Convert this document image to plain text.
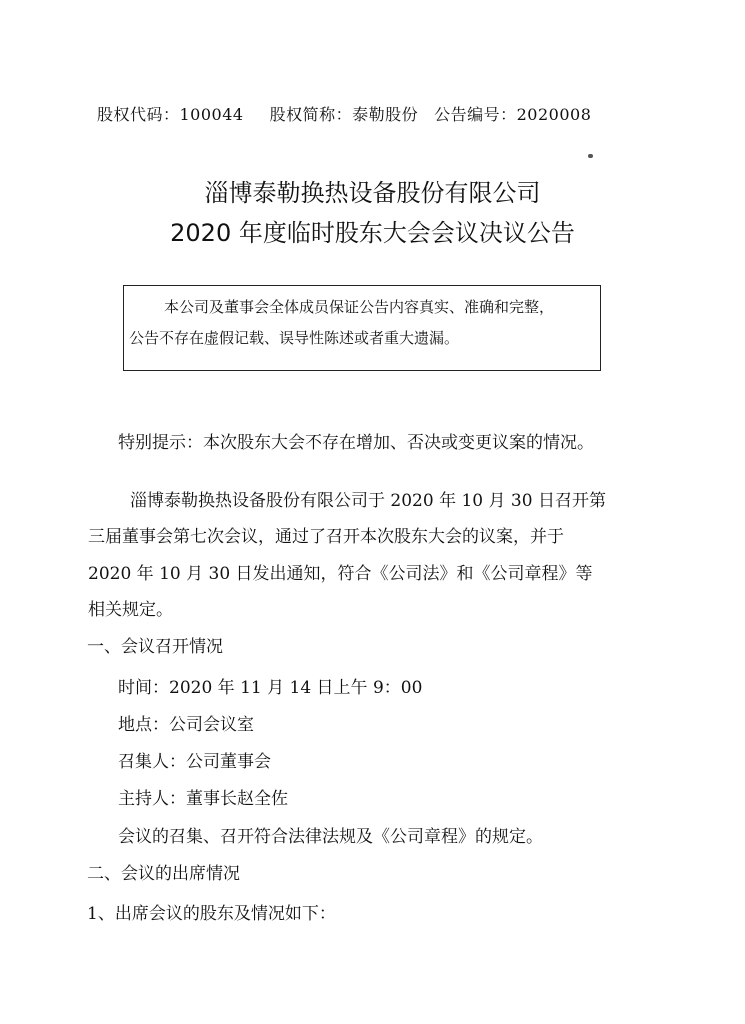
股权代码：100044 股权简称：泰勒股份 公告编号：2020008
淄博泰勒换热设备股份有限公司
2020 年度临时股东大会会议决议公告
本公司及董事会全体成员保证公告内容真实、准确和完整，
公告不存在虚假记载、误导性陈述或者重大遗漏。
特别提示：本次股东大会不存在增加、否决或变更议案的情况。
淄博泰勒换热设备股份有限公司于 2020 年 10 月 30 日召开第
三届董事会第七次会议，通过了召开本次股东大会的议案，并于
2020 年 10 月 30 日发出通知，符合《公司法》和《公司章程》等
相关规定。
一、会议召开情况
时间：2020 年 11 月 14 日上午 9：00
地点：公司会议室
召集人：公司董事会
主持人：董事长赵全佐
会议的召集、召开符合法律法规及《公司章程》的规定。
二、会议的出席情况
1、出席会议的股东及情况如下：
